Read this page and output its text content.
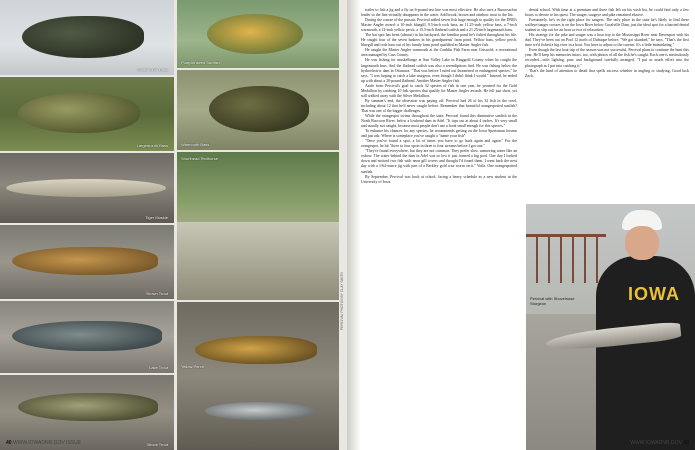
Smallmouth Bass
Largemouth Bass
Tiger Muskie
Brown Trout
Lake Trout
Brook Trout
Pumpkinseed Sunfish
Warmouth Bass
Shorthead Redhorse
Yellow Perch
PERCIVAL PHOTOS BY CLAY SMITH
40 WWW.IOWADNR.GOV ISSUE

trailer to fish a jig and a fly on 6-pound test line was most effective. He also uses a Baoocsarfon leader so the line virtually disappears in the water. Add brook, brown and rainbow trout to the list.

During the course of the pursuit, Percival added seven fish large enough to qualify for the DNR's Master Angler award: a 10-inch bluegill, 9.5-inch rock bass, an 11.25-inch yellow bass, a 7-inch warmouth, a 12-inch yellow perch, a 15.5-inch flathead catfish and a 21.25-inch largemouth bass.

The bat spot has been (almost) in his backyard, the familiar pond he's fished throughout his life. He caught four of the seven lunkers in his grandparents' farm pond. Yellow bass, yellow perch, bluegill and rock bass out of his family farm pond qualified as Master Angler fish.

He caught the Master Angler warmouth at the Conklin Fish Farm near Griswold, a recreational area managed by Cass County.

He was fishing for muskellunge at Sun Valley Lake in Ringgold County when he caught the largemouth bass. And the flathead catfish was also a serendipitous find. He was fishing below the hydroelectric dam in Ottumwa. "That was before I ruled out threatened or endangered species," he says. "I was hoping to catch a lake sturgeon, even though I didn't think I would." Instead, he ended up with about a 20-pound flathead. Another Master Angler fish.

Aside from Percival's goal to catch 32 species of fish in one year, he yearned for the Gold Medallion by catching 10 fish species that qualify for Master Angler awards. He fell just short, yet still walked away with the Silver Medallion.

By summer's end, the obsession was paying off. Percival had 26 of his 32 fish in the creel, including about 12 that he'd never caught before. Remember that beautiful orangespotted sunfish? That was one of the bigger challenges.

While the orangespot swims throughout the state, Percival found this diminutive sunfish in the North Raccoon River, below a lowhead dam in Adel. "It tops out at about 4 inches. It's very small and usually not caught, because most people don't use a hook small enough for this species."

To enhance his chances for any species, he recommends getting on the Iowa Sportsman forums and just ask: Where is someplace you've caught a "name your fish"

"Once you've found a spot, a lot of times you have to go back again and again." For the orangespot, he hit "three to four spots in three to four streams before I got one."

"They're found everywhere, but they are not common. They prefer slow, unmoving water like an oxbow. The water behind the dam in Adel was so low it just formed a big pool. One day I looked down and noticed two fish with neon gill covers and thought I'd found them. I went back the next day with a 1/64-ounce jig with part of a Berkley gold wax worm on it." Voila. One orangespotted sunfish.

By September, Percival was back at school, facing a heavy schedule as a new student in the University of Iowa

dental school. With time at a premium and three fish left on his wish list, he could find only a few hours to devote to his quest. The sauger, saugeye and pike remained elusive.

Fortunately, he's in the right place for saugers. The only place in the state he's likely to find these walleye/sauger crosses is on the Iowa River below Coralville Dam, just the ideal spot for a harried dental student to slip out for an hour or two of relaxation.

His strategy for the pike and sauger was a boat trip to the Mississippi River near Davenport with his dad. They've been out on Pool 12 north of Dubuque before. "We got skunked," he says. "That's the first time we'd fished a big river in a boat. You have to adjust to the current. It's a little intimidating."

Even though the last boat trip of the season was not successful, Percival plans to continue the hunt this year. He'll keep his memories intact, too, with photos of all the fish he's caught. Each one is meticulously recorded—with lighting, pose and background carefully arranged. "I put as much effort into the photograph as I put into catching it."

That's the kind of attention to detail that spells success whether in angling or studying. Good luck Zach.

IOWA
Percival with Shovelnose Sturgeon
WWW.IOWADNR.GOV 40
